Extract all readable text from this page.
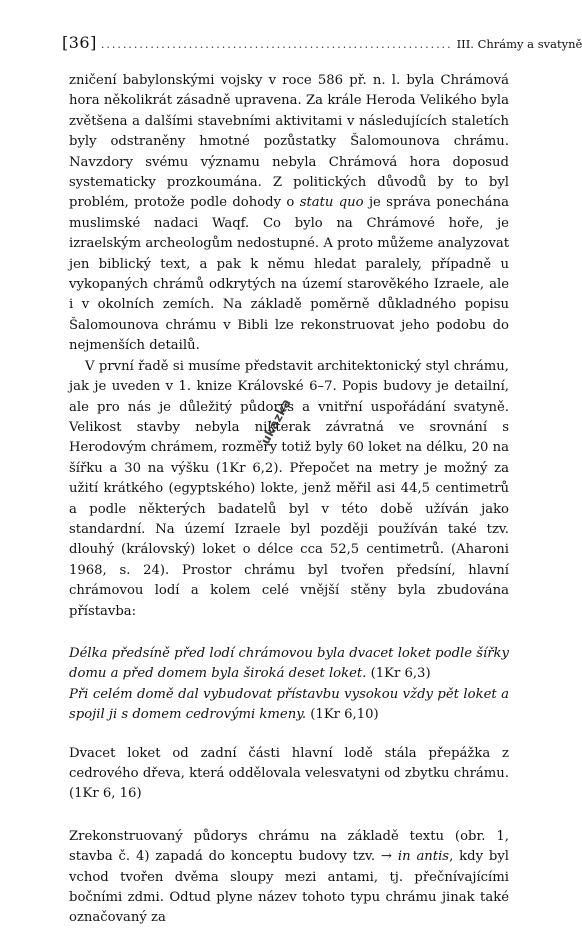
[36] ................................................................ III. Chrámy a svatyně

zničení babylonskými vojsky v roce 586 př. n. l. byla Chrámová hora několikrát zásadně upravena. Za krále Heroda Velikého byla zvětšena a dalšími stavebními aktivitami v následujících staletích byly odstraněny hmotné pozůstatky Šalomounova chrámu. Navzdory svému významu nebyla Chrámová hora doposud systematicky prozkoumána. Z politických důvodů by to byl problém, protože podle dohody o statu quo je správa ponechána muslimské nadaci Waqf. Co bylo na Chrámové hoře, je izraelským archeologům nedostupné. A proto můžeme analyzovat jen biblický text, a pak k němu hledat paralely, případně u vykopaných chrámů odkrytých na území starověkého Izraele, ale i v okolních zemích. Na základě poměrně důkladného popisu Šalomounova chrámu v Bibli lze rekonstruovat jeho podobu do nejmenších detailů.

V první řadě si musíme představit architektonický styl chrámu, jak je uveden v 1. knize Královské 6–7. Popis budovy je detailní, ale pro nás je důležitý půdorys a vnitřní uspořádání svatyně. Velikost stavby nebyla nikterak závratná ve srovnání s Herodovým chrámem, rozměry totiž byly 60 loket na délku, 20 na šířku a 30 na výšku (1Kr 6,2). Přepočet na metry je možný za užití krátkého (egyptského) lokte, jenž měřil asi 44,5 centimetrů a podle některých badatelů byl v této době užíván jako standardní. Na území Izraele byl později používán také tzv. dlouhý (královský) loket o délce cca 52,5 centimetrů. (Aharoni 1968, s. 24). Prostor chrámu byl tvořen předsíní, hlavní chrámovou lodí a kolem celé vnější stěny byla zbudována přístavba:

Délka předsíně před lodí chrámovou byla dvacet loket podle šířky domu a před domem byla široká deset loket. (1Kr 6,3)

Při celém domě dal vybudovat přístavbu vysokou vždy pět loket a spojil ji s domem cedrovými kmeny. (1Kr 6,10)

Dvacet loket od zadní části hlavní lodě stála přepážka z cedrového dřeva, která oddělovala velesvatyni od zbytku chrámu. (1Kr 6, 16)

Zrekonstruovaný půdorys chrámu na základě textu (obr. 1, stavba č. 4) zapadá do konceptu budovy tzv. → in antis, kdy byl vchod tvořen dvěma sloupy mezi antami, tj. přečnívajícími bočními zdmi. Odtud plyne název tohoto typu chrámu jinak také označovaný za

ukázka
